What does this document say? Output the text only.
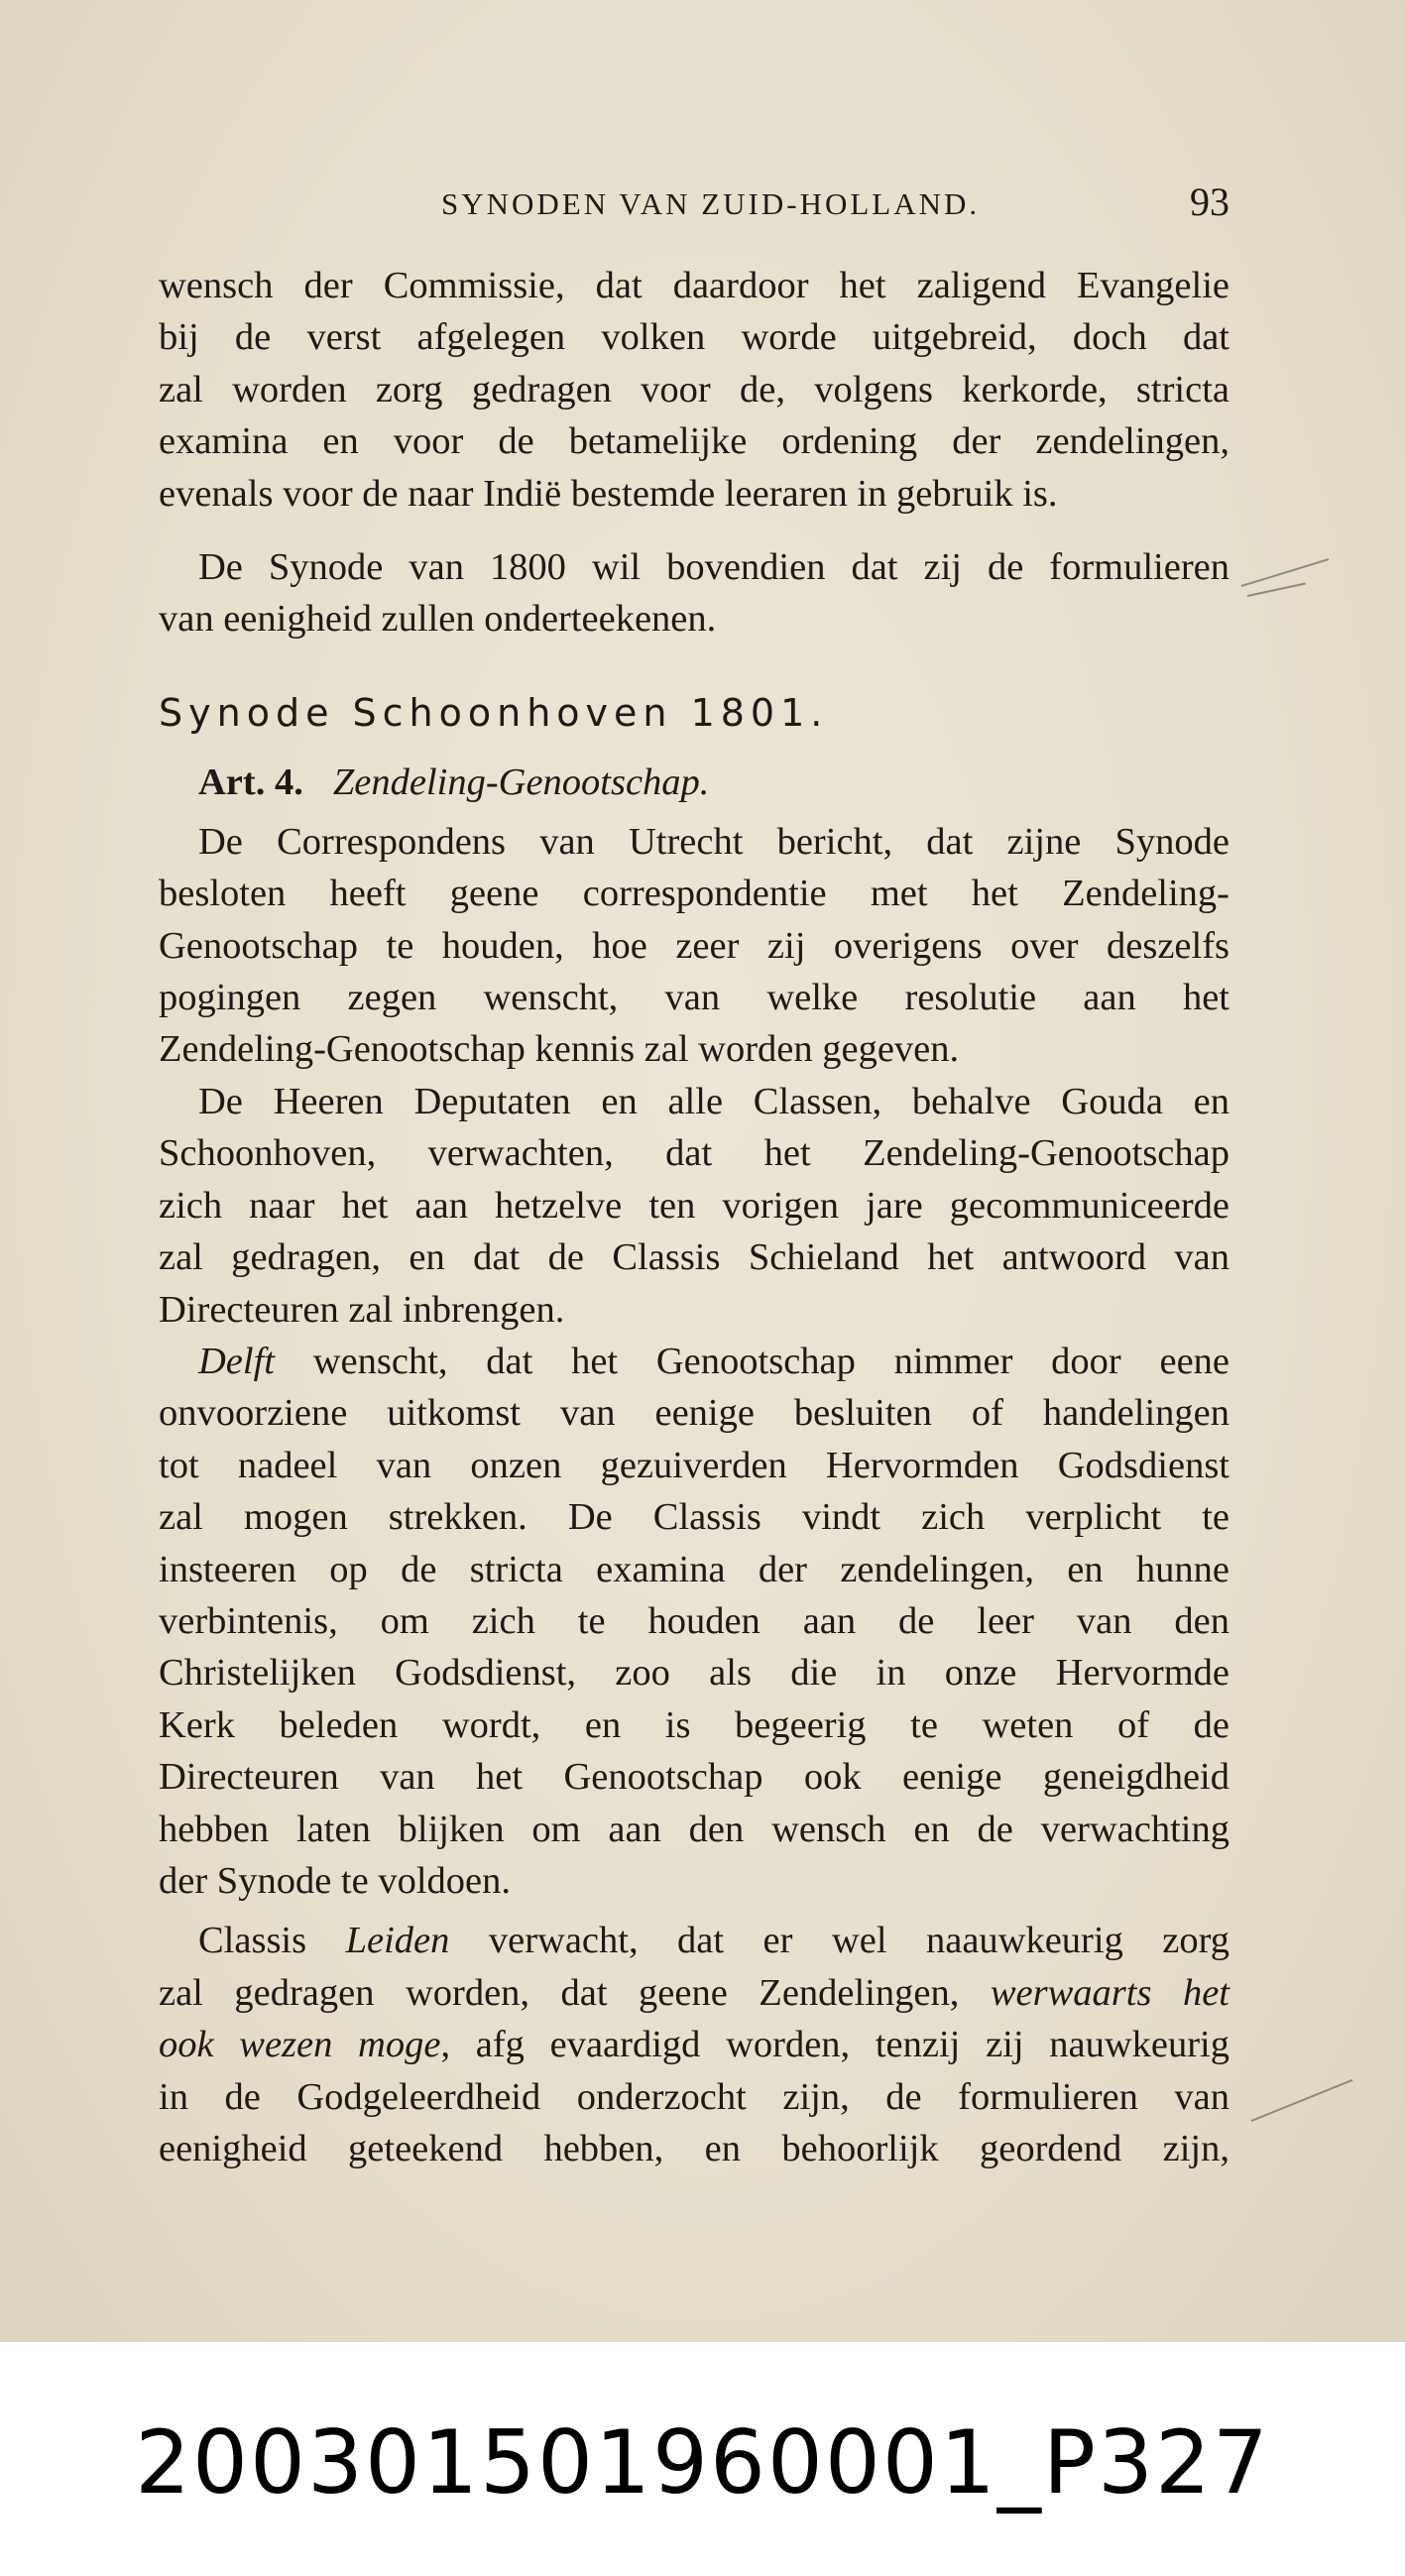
SYNODEN VAN ZUID-HOLLAND.	93
wensch der Commissie, dat daardoor het zaligend Evangelie
bij de verst afgelegen volken worde uitgebreid, doch dat
zal worden zorg gedragen voor de, volgens kerkorde, stricta
examina en voor de betamelijke ordening der zendelingen,
evenals voor de naar Indië bestemde leeraren in gebruik is.
De Synode van 1800 wil bovendien dat zij de formulieren
van eenigheid zullen onderteekenen.
Synode Schoonhoven 1801.
Art. 4. Zendeling-Genootschap.
De Correspondens van Utrecht bericht, dat zijne Synode
besloten heeft geene correspondentie met het Zendeling-
Genootschap te houden, hoe zeer zij overigens over deszelfs
pogingen zegen wenscht, van welke resolutie aan het
Zendeling-Genootschap kennis zal worden gegeven.
De Heeren Deputaten en alle Classen, behalve Gouda en
Schoonhoven, verwachten, dat het Zendeling-Genootschap
zich naar het aan hetzelve ten vorigen jare gecommuniceerde
zal gedragen, en dat de Classis Schieland het antwoord van
Directeuren zal inbrengen.
Delft wenscht, dat het Genootschap nimmer door eene
onvoorziene uitkomst van eenige besluiten of handelingen
tot nadeel van onzen gezuiverden Hervormden Godsdienst
zal mogen strekken. De Classis vindt zich verplicht te
insteeren op de stricta examina der zendelingen, en hunne
verbintenis, om zich te houden aan de leer van den
Christelijken Godsdienst, zoo als die in onze Hervormde
Kerk beleden wordt, en is begeerig te weten of de
Directeuren van het Genootschap ook eenige geneigdheid
hebben laten blijken om aan den wensch en de verwachting
der Synode te voldoen.
Classis Leiden verwacht, dat er wel naauwkeurig zorg
zal gedragen worden, dat geene Zendelingen, werwaarts het
ook wezen moge, afg evaardigd worden, tenzij zij nauwkeurig
in de Godgeleerdheid onderzocht zijn, de formulieren van
eenigheid geteekend hebben, en behoorlijk geordend zijn,
20030150196000​1_P327
